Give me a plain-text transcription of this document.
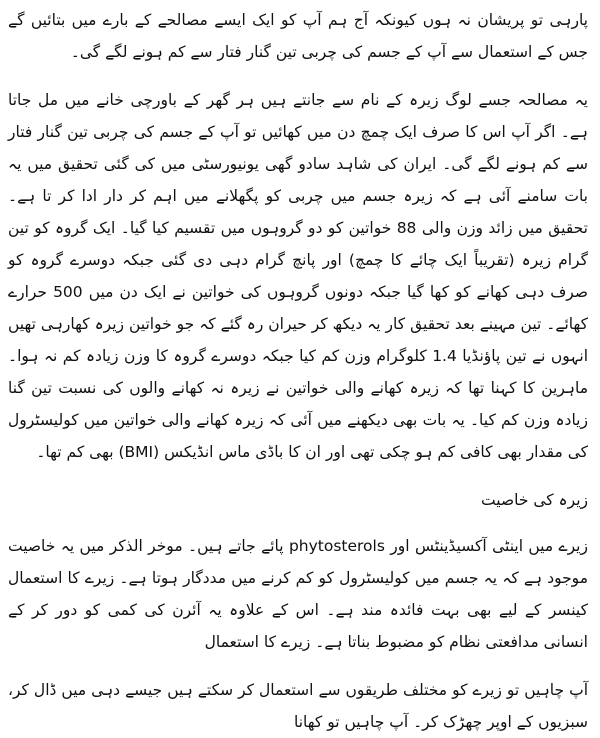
پارہی تو پریشان نہ ہوں کیونکہ آج ہم آپ کو ایک ایسے مصالحے کے بارے میں بتائیں گے جس کے استعمال سے آپ کے جسم کی چربی تین گنار فتار سے کم ہونے لگے گی۔

یہ مصالحہ جسے لوگ زیرہ کے نام سے جانتے ہیں ہر گھر کے باورچی خانے میں مل جاتا ہے۔ اگر آپ اس کا صرف ایک چمچ دن میں کھائیں تو آپ کے جسم کی چربی تین گنار فتار سے کم ہونے لگے گی۔ ایران کی شاہد سادو گھی یونیورسٹی میں کی گئی تحقیق میں یہ بات سامنے آئی ہے کہ زیرہ جسم میں چربی کو پگھلانے میں اہم کر دار ادا کر تا ہے۔ تحقیق میں زائد وزن والی 88 خواتین کو دو گروہوں میں تقسیم کیا گیا۔ ایک گروہ کو تین گرام زیرہ (تقریباً ایک چائے کا چمچ) اور پانچ گرام دہی دی گئی جبکہ دوسرے گروہ کو صرف دہی کھانے کو کھا گیا جبکہ دونوں گروہوں کی خواتین نے ایک دن میں 500 حرارے کھائے۔ تین مہینے بعد تحقیق کار یہ دیکھ کر حیران رہ گئے کہ جو خواتین زیرہ کھارہی تھیں انہوں نے تین پاؤنڈیا 1.4 کلوگرام وزن کم کیا جبکہ دوسرے گروہ کا وزن زیادہ کم نہ ہوا۔ ماہرین کا کہنا تھا کہ زیرہ کھانے والی خواتین نے زیرہ نہ کھانے والوں کی نسبت تین گنا زیادہ وزن کم کیا۔ یہ بات بھی دیکھنے میں آئی کہ زیرہ کھانے والی خواتین میں کولیسٹرول کی مقدار بھی کافی کم ہو چکی تھی اور ان کا باڈی ماس انڈیکس (BMI) بھی کم تھا۔

زیرہ کی خاصیت

زیرے میں اینٹی آکسیڈینٹس اور phytosterols پائے جاتے ہیں۔ موخر الذکر میں یہ خاصیت موجود ہے کہ یہ جسم میں کولیسٹرول کو کم کرنے میں مددگار ہوتا ہے۔ زیرے کا استعمال کینسر کے لیے بھی بہت فائدہ مند ہے۔ اس کے علاوہ یہ آئرن کی کمی کو دور کر کے انسانی مدافعتی نظام کو مضبوط بناتا ہے۔ زیرے کا استعمال

آپ چاہیں تو زیرے کو مختلف طریقوں سے استعمال کر سکتے ہیں جیسے دہی میں ڈال کر، سبزیوں کے اوپر چھڑک کر۔ آپ چاہیں تو کھانا
